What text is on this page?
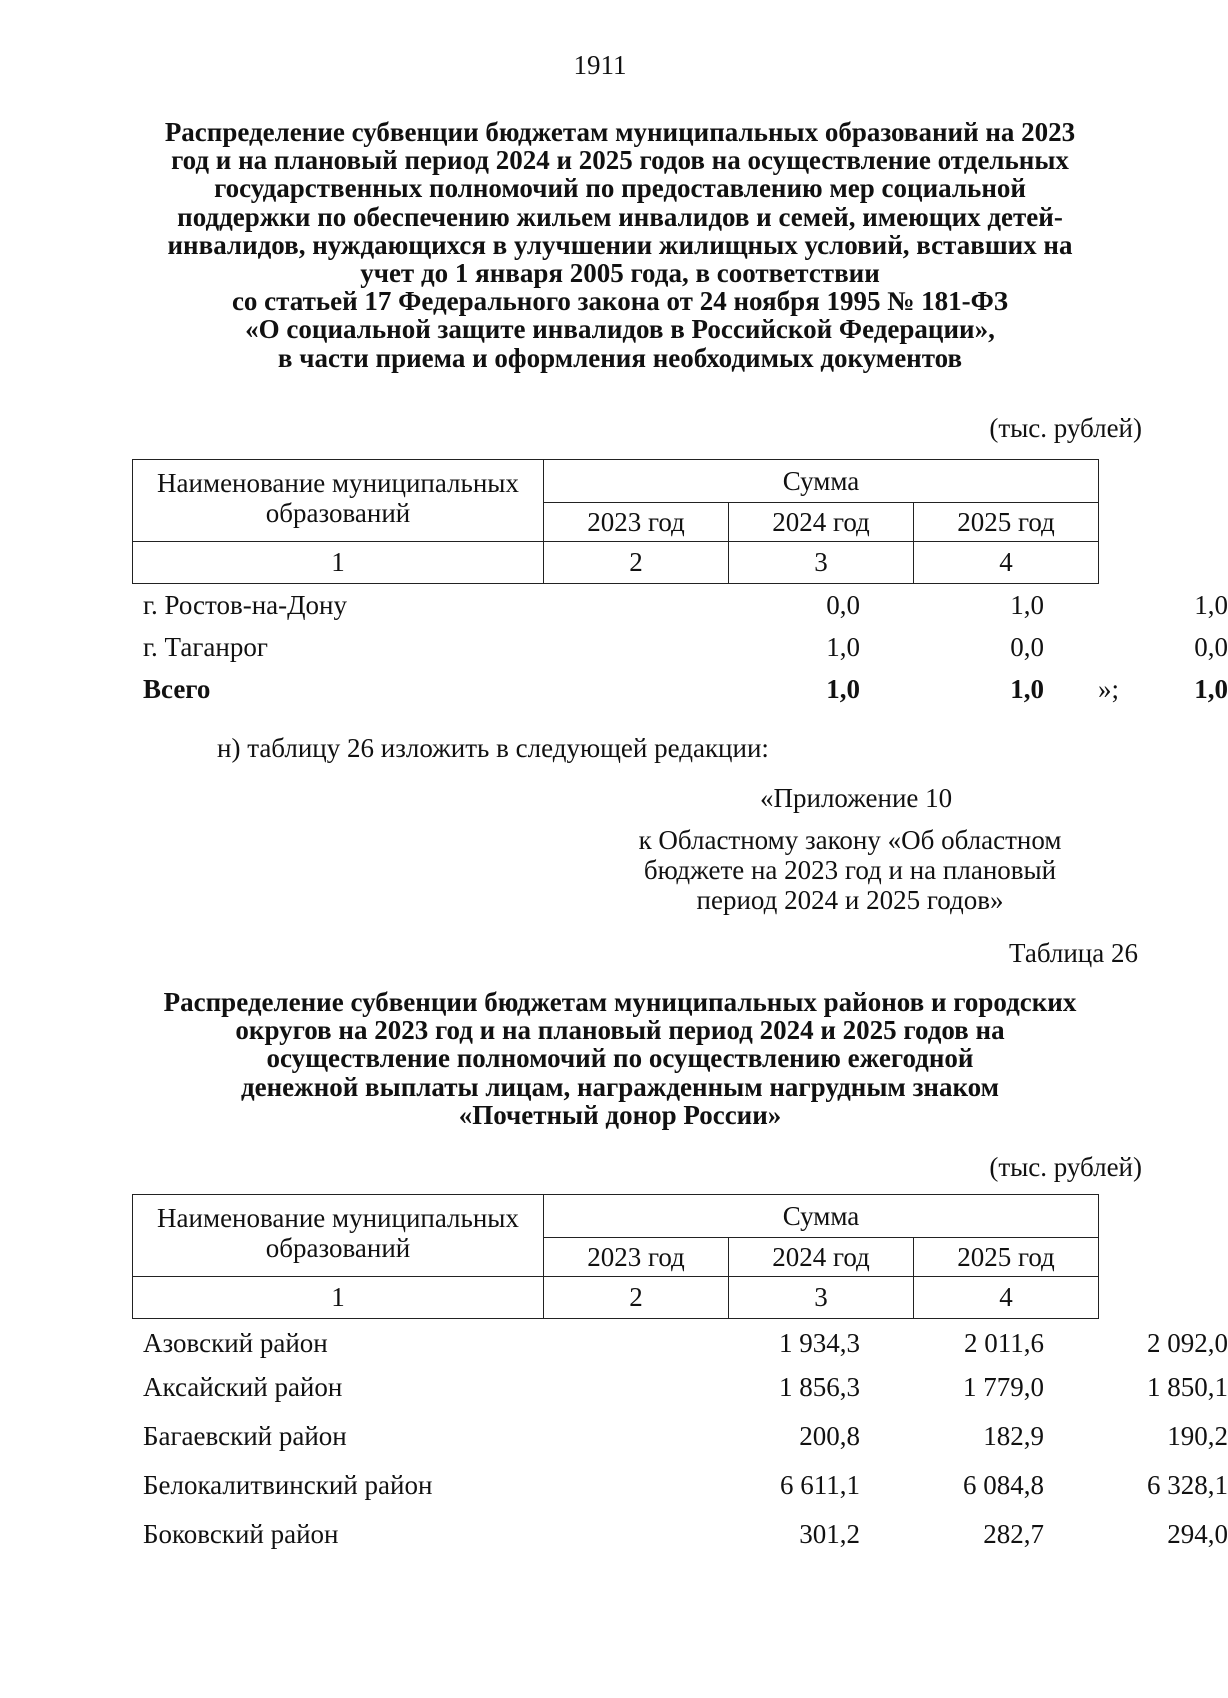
1911
Распределение субвенции бюджетам муниципальных образований на 2023
год и на плановый период 2024 и 2025 годов на осуществление отдельных
государственных полномочий по предоставлению мер социальной
поддержки по обеспечению жильем инвалидов и семей, имеющих детей-
инвалидов, нуждающихся в улучшении жилищных условий, вставших на
учет до 1 января 2005 года, в соответствии
со статьей 17 Федерального закона от 24 ноября 1995 № 181-ФЗ
«О социальной защите инвалидов в Российской Федерации»,
в части приема и оформления необходимых документов
(тыс. рублей)
Наименование муниципальных образований	Сумма		
	2023 год	2024 год	2025 год
1	2	3	4
г. Ростов-на-Дону	0,0	1,0	1,0
г. Таганрог	1,0	0,0	0,0
Всего	1,0	1,0	1,0
»;
н) таблицу 26 изложить в следующей редакции:
«Приложение 10
к Областному закону «Об областном
бюджете на 2023 год и на плановый
период 2024 и 2025 годов»
Таблица 26
Распределение субвенции бюджетам муниципальных районов и городских
округов на 2023 год и на плановый период 2024 и 2025 годов на
осуществление полномочий по осуществлению ежегодной
денежной выплаты лицам, награжденным нагрудным знаком
«Почетный донор России»
(тыс. рублей)
Наименование муниципальных образований	Сумма		
	2023 год	2024 год	2025 год
1	2	3	4
Азовский район	1 934,3	2 011,6	2 092,0
Аксайский район	1 856,3	1 779,0	1 850,1
Багаевский район	200,8	182,9	190,2
Белокалитвинский район	6 611,1	6 084,8	6 328,1
Боковский район	301,2	282,7	294,0
